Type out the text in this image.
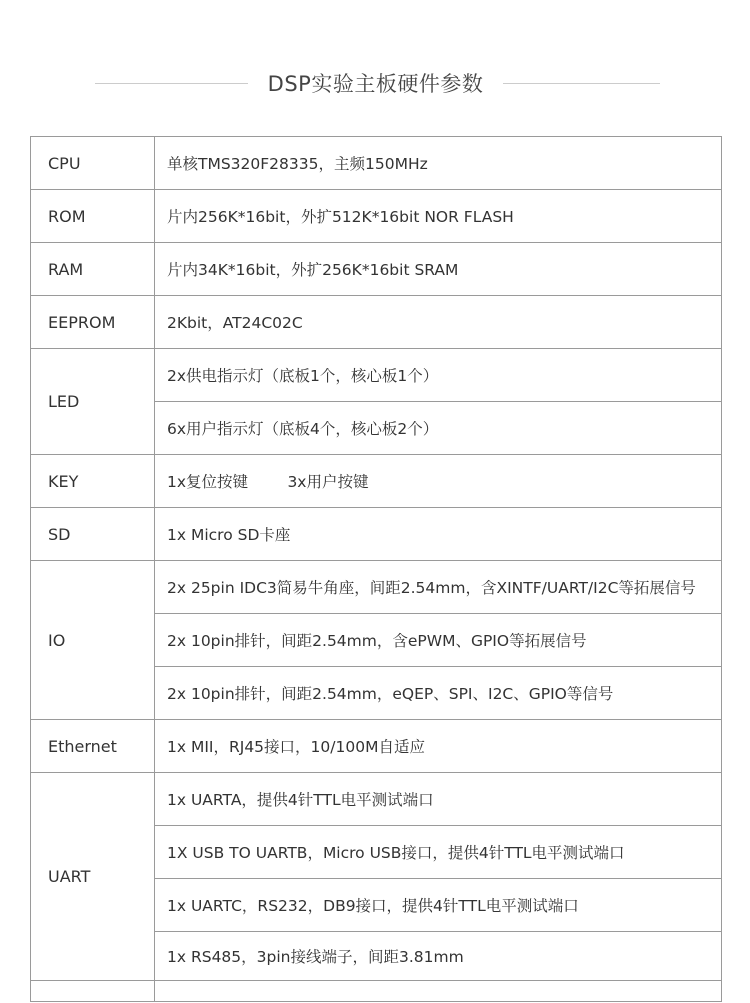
DSP实验主板硬件参数
CPU	单核TMS320F28335，主频150MHz
ROM	片内256K*16bit，外扩512K*16bit NOR FLASH
RAM	片内34K*16bit，外扩256K*16bit SRAM
EEPROM	2Kbit，AT24C02C
LED	2x供电指示灯（底板1个，核心板1个）
	6x用户指示灯（底板4个，核心板2个）
KEY	1x复位按键        3x用户按键
SD	1x Micro SD卡座
IO	2x 25pin IDC3简易牛角座，间距2.54mm，含XINTF/UART/I2C等拓展信号
	2x 10pin排针，间距2.54mm，含ePWM、GPIO等拓展信号
	2x 10pin排针，间距2.54mm，eQEP、SPI、I2C、GPIO等信号
Ethernet	1x MII，RJ45接口，10/100M自适应
UART	1x UARTA，提供4针TTL电平测试端口
	1X USB TO UARTB，Micro USB接口，提供4针TTL电平测试端口
	1x UARTC，RS232，DB9接口，提供4针TTL电平测试端口
	1x RS485，3pin接线端子，间距3.81mm
